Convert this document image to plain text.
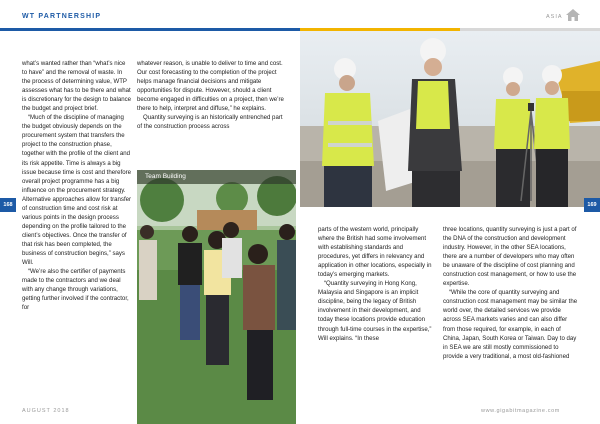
WT PARTNERSHIP	ASIA
Team Building

what’s wanted rather than “what’s nice to have” and the removal of waste. In the process of determining value, WTP assesses what has to be there and what is discretionary for the design to balance the budget and project brief.

“Much of the discipline of managing the budget obviously depends on the procurement system that transfers the project to the construction phase, together with the profile of the client and its risk appetite. Time is always a big issue because time is cost and therefore overall project programme has a big influence on the procurement strategy. Alternative approaches allow for transfer of construction time and cost risk at various points in the design process depending on the profile tailored to the client’s objectives. Once the transfer of that risk has been completed, the business of construction begins,” says Will.

“We’re also the certifier of payments made to the contractors and we deal with any change through variations, getting further involved if the contractor, for

whatever reason, is unable to deliver to time and cost. Our cost forecasting to the completion of the project helps manage financial decisions and mitigate opportunities for dispute. However, should a client become engaged in difficulties on a project, then we’re there to help, interpret and diffuse,” he explains.

Quantity surveying is an historically entrenched part of the construction process across

parts of the western world, principally where the British had some involvement with establishing standards and procedures, yet differs in relevancy and application in other locations, especially in today’s emerging markets.

“Quantity surveying in Hong Kong, Malaysia and Singapore is an implicit discipline, being the legacy of British involvement in their development, and today these locations provide education through full-time courses in the expertise,” Will explains. “In these

three locations, quantity surveying is just a part of the DNA of the construction and development industry. However, in the other SEA locations, there are a number of developers who may often be unaware of the discipline of cost planning and construction cost management, or how to use the expertise.

“While the core of quantity surveying and construction cost management may be similar the world over, the detailed services we provide across SEA markets varies and can also differ from those required, for example, in each of China, Japan, South Korea or Taiwan. Day to day in SEA we are still mostly commissioned to provide a very traditional, a most old-fashioned

168	169
AUGUST 2018	www.gigabitmagazine.com
